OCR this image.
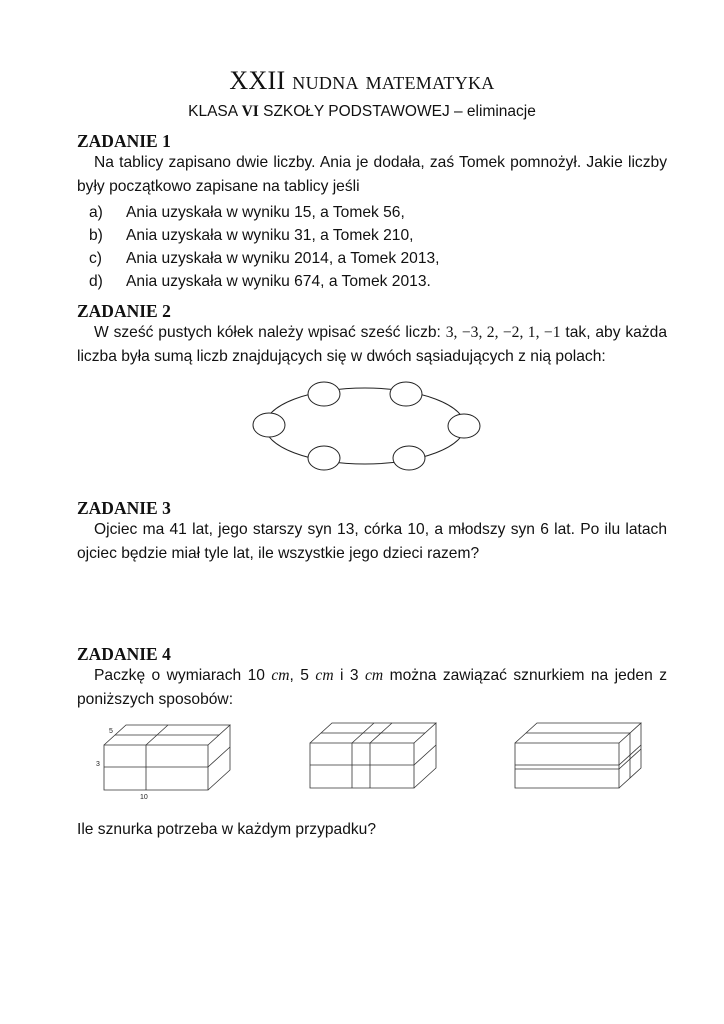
XXII nudna matematyka
KLASA VI SZKOŁY PODSTAWOWEJ – eliminacje
ZADANIE 1
Na tablicy zapisano dwie liczby. Ania je dodała, zaś Tomek pomnożył. Jakie liczby były początkowo zapisane na tablicy jeśli
a) Ania uzyskała w wyniku 15, a Tomek 56,
b) Ania uzyskała w wyniku 31, a Tomek 210,
c) Ania uzyskała w wyniku 2014, a Tomek 2013,
d) Ania uzyskała w wyniku 674, a Tomek 2013.
ZADANIE 2
W sześć pustych kółek należy wpisać sześć liczb: 3, −3, 2, −2, 1, −1 tak, aby każda liczba była sumą liczb znajdujących się w dwóch sąsiadujących z nią polach:
ZADANIE 3
Ojciec ma 41 lat, jego starszy syn 13, córka 10, a młodszy syn 6 lat. Po ilu latach ojciec będzie miał tyle lat, ile wszystkie jego dzieci razem?
ZADANIE 4
Paczkę o wymiarach 10 cm, 5 cm i 3 cm można zawiązać sznurkiem na jeden z poniższych sposobów:
5
3
10
Ile sznurka potrzeba w każdym przypadku?
